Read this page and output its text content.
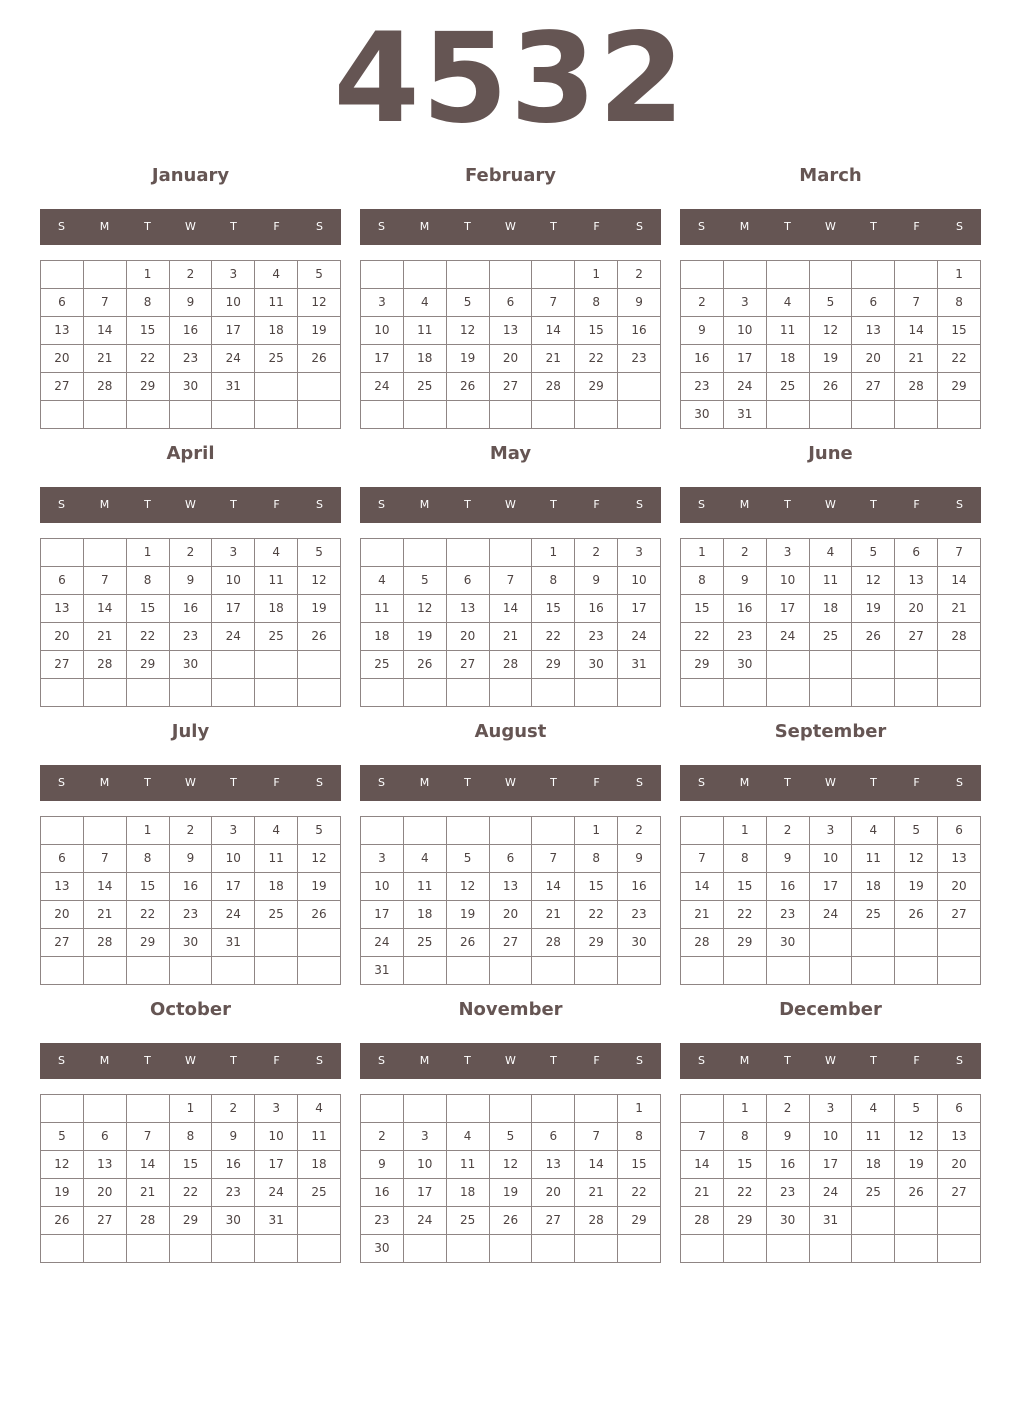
4532
January
S	M	T	W	T	F	S
		1	2	3	4	5
6	7	8	9	10	11	12
13	14	15	16	17	18	19
20	21	22	23	24	25	26
27	28	29	30	31		

February
S	M	T	W	T	F	S
					1	2
3	4	5	6	7	8	9
10	11	12	13	14	15	16
17	18	19	20	21	22	23
24	25	26	27	28	29	

March
S	M	T	W	T	F	S
						1
2	3	4	5	6	7	8
9	10	11	12	13	14	15
16	17	18	19	20	21	22
23	24	25	26	27	28	29
30	31					
April
S	M	T	W	T	F	S
		1	2	3	4	5
6	7	8	9	10	11	12
13	14	15	16	17	18	19
20	21	22	23	24	25	26
27	28	29	30			

May
S	M	T	W	T	F	S
				1	2	3
4	5	6	7	8	9	10
11	12	13	14	15	16	17
18	19	20	21	22	23	24
25	26	27	28	29	30	31

June
S	M	T	W	T	F	S
1	2	3	4	5	6	7
8	9	10	11	12	13	14
15	16	17	18	19	20	21
22	23	24	25	26	27	28
29	30					

July
S	M	T	W	T	F	S
		1	2	3	4	5
6	7	8	9	10	11	12
13	14	15	16	17	18	19
20	21	22	23	24	25	26
27	28	29	30	31		

August
S	M	T	W	T	F	S
					1	2
3	4	5	6	7	8	9
10	11	12	13	14	15	16
17	18	19	20	21	22	23
24	25	26	27	28	29	30
31						
September
S	M	T	W	T	F	S
	1	2	3	4	5	6
7	8	9	10	11	12	13
14	15	16	17	18	19	20
21	22	23	24	25	26	27
28	29	30				

October
S	M	T	W	T	F	S
			1	2	3	4
5	6	7	8	9	10	11
12	13	14	15	16	17	18
19	20	21	22	23	24	25
26	27	28	29	30	31	

November
S	M	T	W	T	F	S
						1
2	3	4	5	6	7	8
9	10	11	12	13	14	15
16	17	18	19	20	21	22
23	24	25	26	27	28	29
30						
December
S	M	T	W	T	F	S
	1	2	3	4	5	6
7	8	9	10	11	12	13
14	15	16	17	18	19	20
21	22	23	24	25	26	27
28	29	30	31			
